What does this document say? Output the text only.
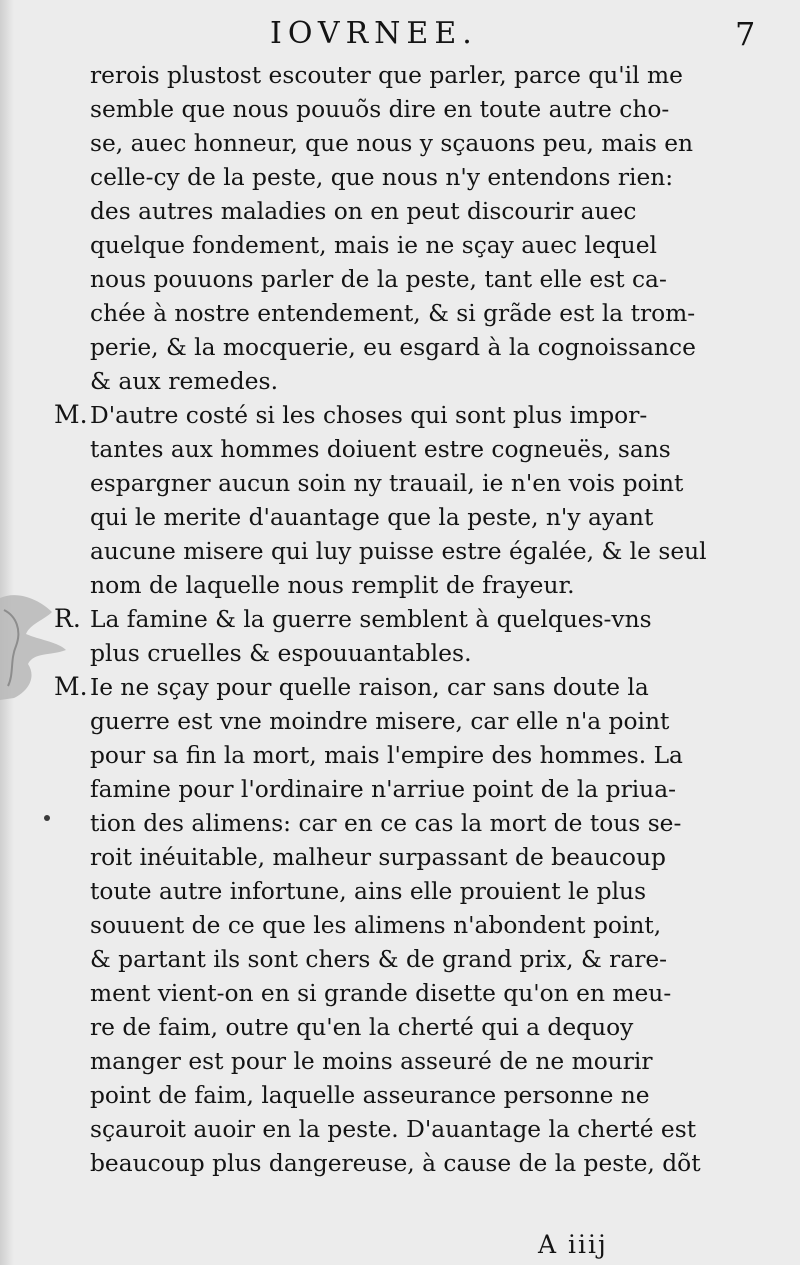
IOVRNEE.	7
rerois plustost escouter que parler, parce qu'il me
semble que nous pouuõs dire en toute autre cho-
se, auec honneur, que nous y sçauons peu, mais en
celle-cy de la peste, que nous n'y entendons rien:
des autres maladies on en peut discourir auec
quelque fondement, mais ie ne sçay auec lequel
nous pouuons parler de la peste, tant elle est ca-
chée à nostre entendement, & si grãde est la trom-
perie, & la mocquerie, eu esgard à la cognoissance
& aux remedes.
M. D'autre costé si les choses qui sont plus impor-
tantes aux hommes doiuent estre cogneuës, sans
espargner aucun soin ny trauail, ie n'en vois point
qui le merite d'auantage que la peste, n'y ayant
aucune misere qui luy puisse estre égalée, & le seul
nom de laquelle nous remplit de frayeur.
R. La famine & la guerre semblent à quelques-vns
plus cruelles & espouuantables.
M. Ie ne sçay pour quelle raison, car sans doute la
guerre est vne moindre misere, car elle n'a point
pour sa fin la mort, mais l'empire des hommes. La
famine pour l'ordinaire n'arriue point de la priua-
tion des alimens: car en ce cas la mort de tous se-
roit inéuitable, malheur surpassant de beaucoup
toute autre infortune, ains elle prouient le plus
souuent de ce que les alimens n'abondent point,
& partant ils sont chers & de grand prix, & rare-
ment vient-on en si grande disette qu'on en meu-
re de faim, outre qu'en la cherté qui a dequoy
manger est pour le moins asseuré de ne mourir
point de faim, laquelle asseurance personne ne
sçauroit auoir en la peste. D'auantage la cherté est
beaucoup plus dangereuse, à cause de la peste, dõt
A iiij
